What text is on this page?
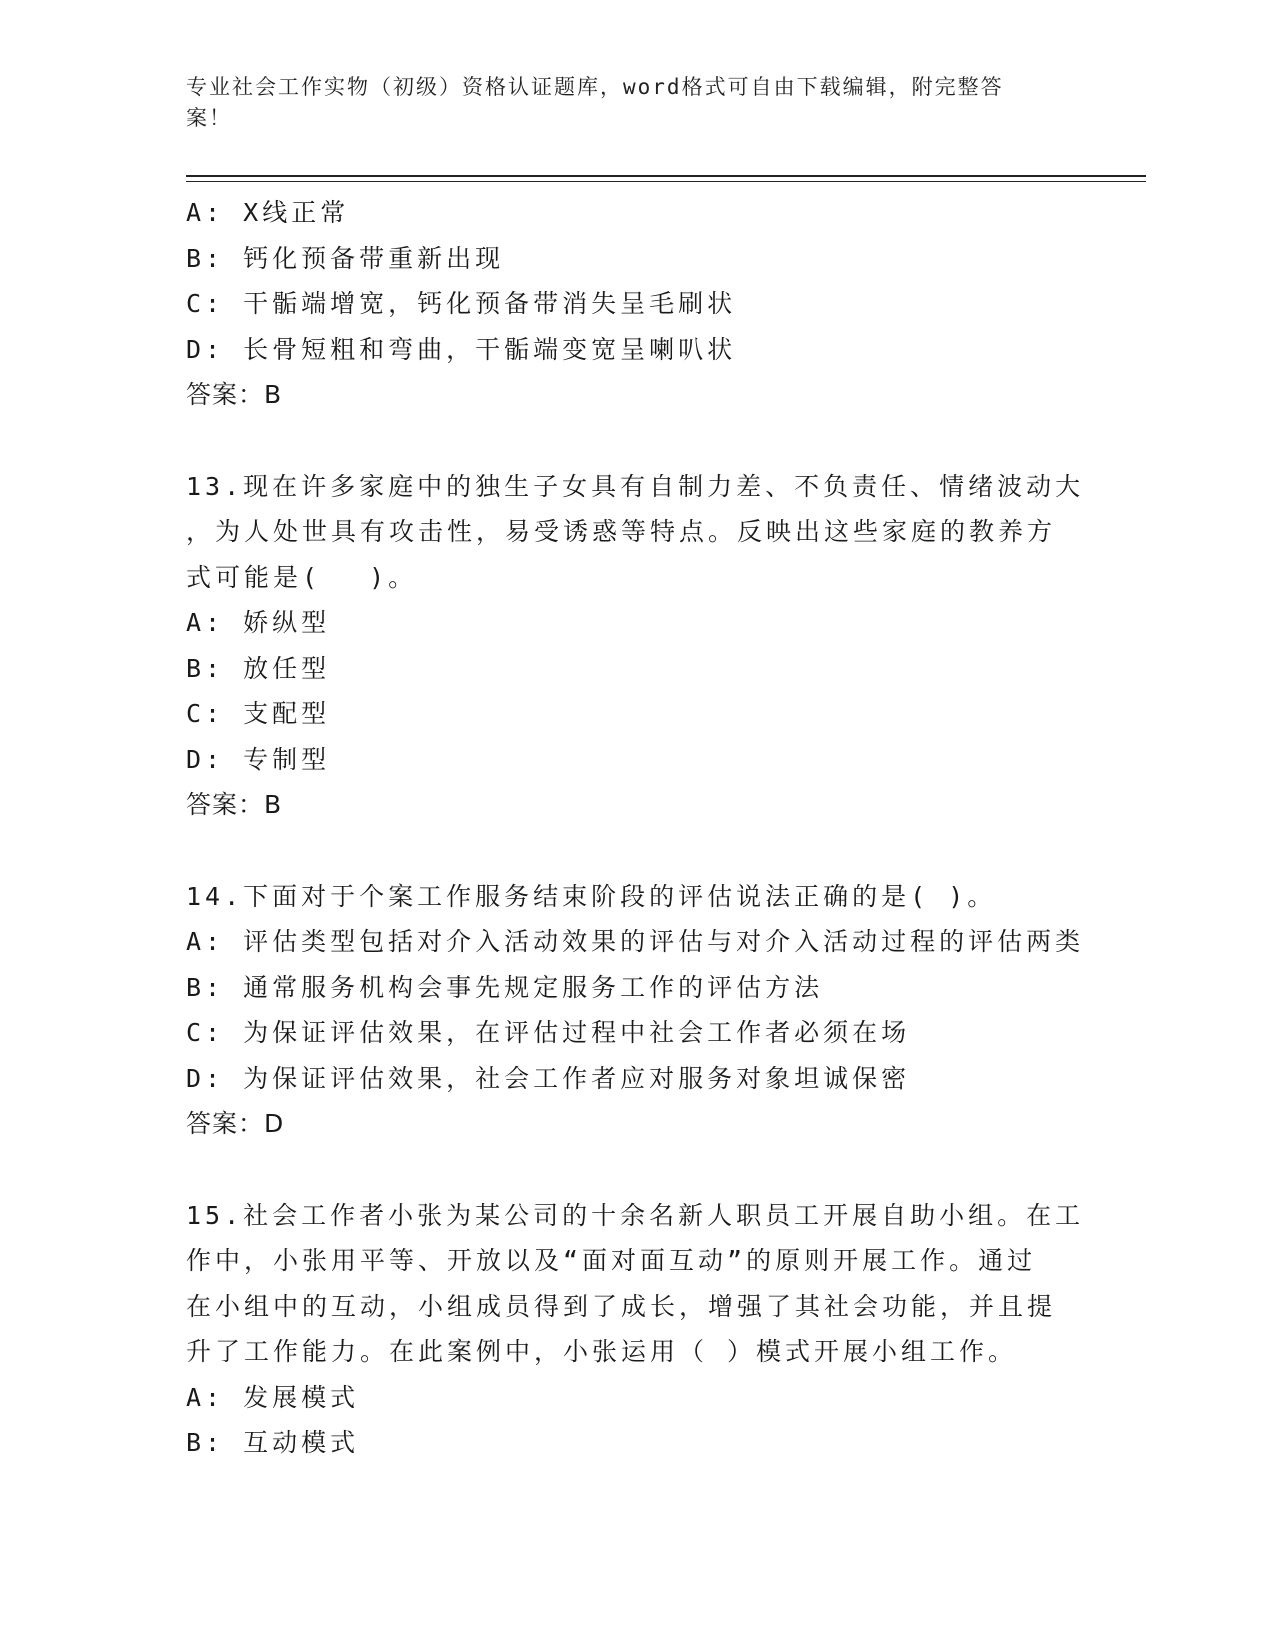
专业社会工作实物（初级）资格认证题库，word格式可自由下载编辑，附完整答
案！
A: X线正常
B: 钙化预备带重新出现
C: 干骺端增宽，钙化预备带消失呈毛刷状
D: 长骨短粗和弯曲，干骺端变宽呈喇叭状
答案：B
13.现在许多家庭中的独生子女具有自制力差、不负责任、情绪波动大
，为人处世具有攻击性，易受诱惑等特点。反映出这些家庭的教养方
式可能是(　 )。
A: 娇纵型
B: 放任型
C: 支配型
D: 专制型
答案：B
14.下面对于个案工作服务结束阶段的评估说法正确的是( )。
A: 评估类型包括对介入活动效果的评估与对介入活动过程的评估两类
B: 通常服务机构会事先规定服务工作的评估方法
C: 为保证评估效果，在评估过程中社会工作者必须在场
D: 为保证评估效果，社会工作者应对服务对象坦诚保密
答案：D
15.社会工作者小张为某公司的十余名新人职员工开展自助小组。在工
作中，小张用平等、开放以及“面对面互动”的原则开展工作。通过
在小组中的互动，小组成员得到了成长，增强了其社会功能，并且提
升了工作能力。在此案例中，小张运用（ ）模式开展小组工作。
A: 发展模式
B: 互动模式
